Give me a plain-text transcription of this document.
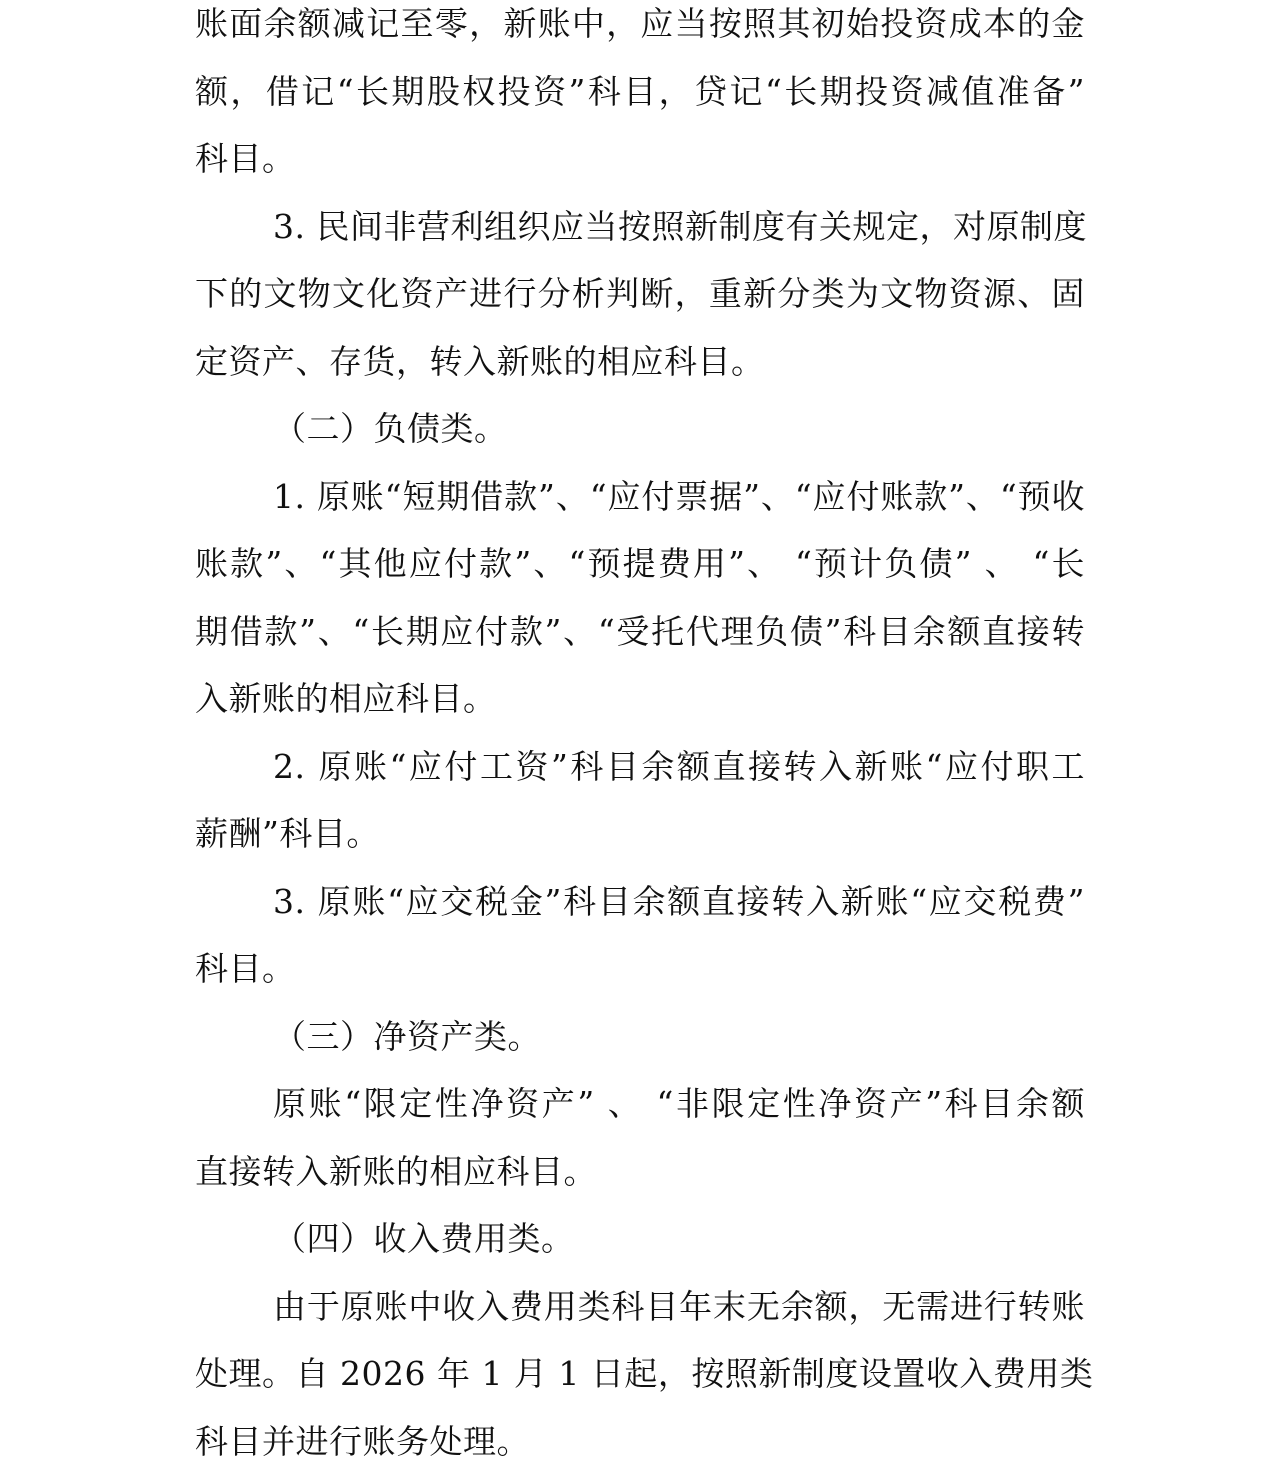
账面余额减记至零，新账中，应当按照其初始投资成本的金
额，借记“长期股权投资”科目，贷记“长期投资减值准备”
科目。
3. 民间非营利组织应当按照新制度有关规定，对原制度
下的文物文化资产进行分析判断，重新分类为文物资源、固
定资产、存货，转入新账的相应科目。
（二）负债类。
1. 原账“短期借款”、“应付票据”、“应付账款”、“预收
账款”、“其他应付款”、“预提费用”、 “预计负债” 、 “长
期借款”、“长期应付款”、“受托代理负债”科目余额直接转
入新账的相应科目。
2. 原账“应付工资”科目余额直接转入新账“应付职工
薪酬”科目。
3. 原账“应交税金”科目余额直接转入新账“应交税费”
科目。
（三）净资产类。
原账“限定性净资产” 、 “非限定性净资产”科目余额
直接转入新账的相应科目。
（四）收入费用类。
由于原账中收入费用类科目年末无余额，无需进行转账
处理。自 2026 年 1 月 1 日起，按照新制度设置收入费用类
科目并进行账务处理。
